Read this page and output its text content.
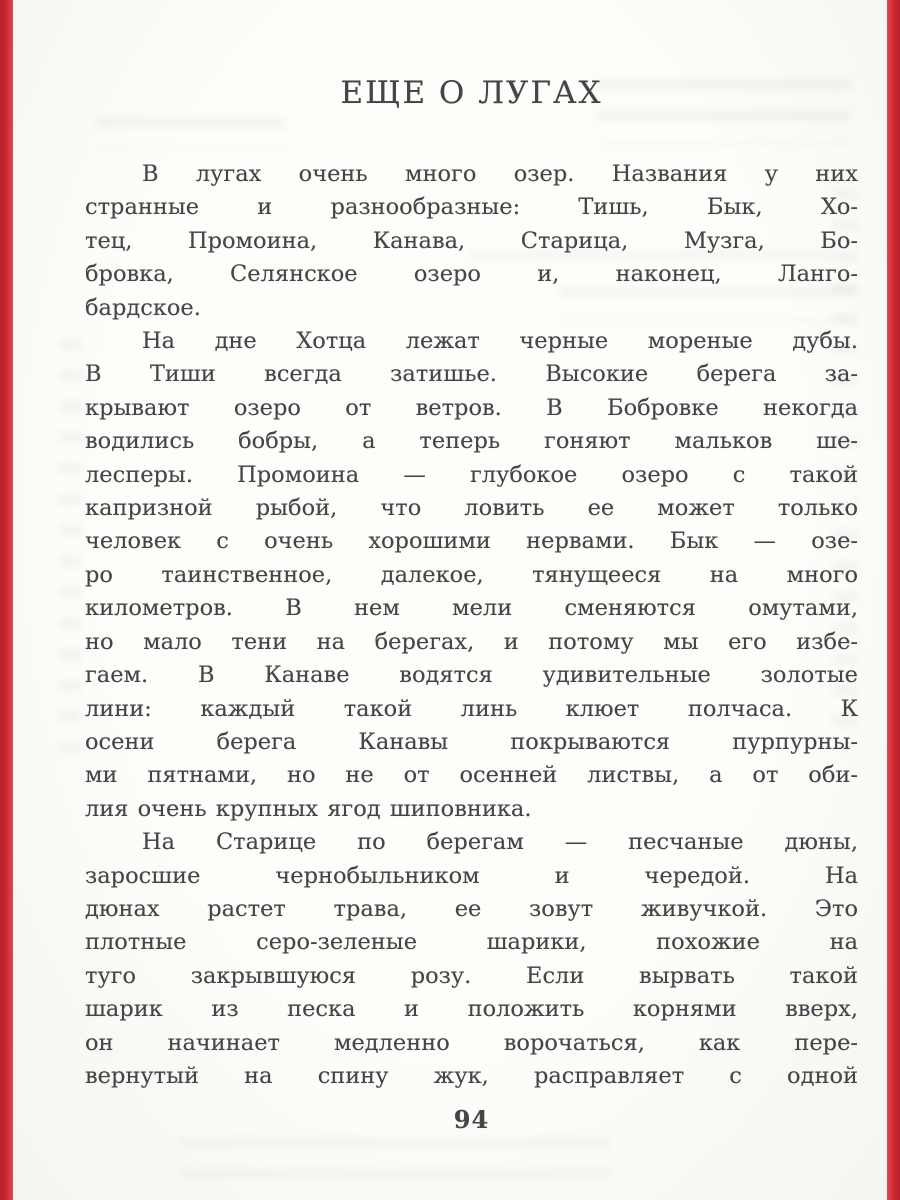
ЕЩЕ О ЛУГАХ
В лугах очень много озер. Названия у них
странные и разнообразные: Тишь, Бык, Хо-
тец, Промоина, Канава, Старица, Музга, Бо-
бровка, Селянское озеро и, наконец, Ланго-
бардское.
На дне Хотца лежат черные мореные дубы.
В Тиши всегда затишье. Высокие берега за-
крывают озеро от ветров. В Бобровке некогда
водились бобры, а теперь гоняют мальков ше-
лесперы. Промоина — глубокое озеро с такой
капризной рыбой, что ловить ее может только
человек с очень хорошими нервами. Бык — озе-
ро таинственное, далекое, тянущееся на много
километров. В нем мели сменяются омутами,
но мало тени на берегах, и потому мы его избе-
гаем. В Канаве водятся удивительные золотые
лини: каждый такой линь клюет полчаса. К
осени берега Канавы покрываются пурпурны-
ми пятнами, но не от осенней листвы, а от оби-
лия очень крупных ягод шиповника.
На Старице по берегам — песчаные дюны,
заросшие чернобыльником и чередой. На
дюнах растет трава, ее зовут живучкой. Это
плотные серо-зеленые шарики, похожие на
туго закрывшуюся розу. Если вырвать такой
шарик из песка и положить корнями вверх,
он начинает медленно ворочаться, как пере-
вернутый на спину жук, расправляет с одной
94
